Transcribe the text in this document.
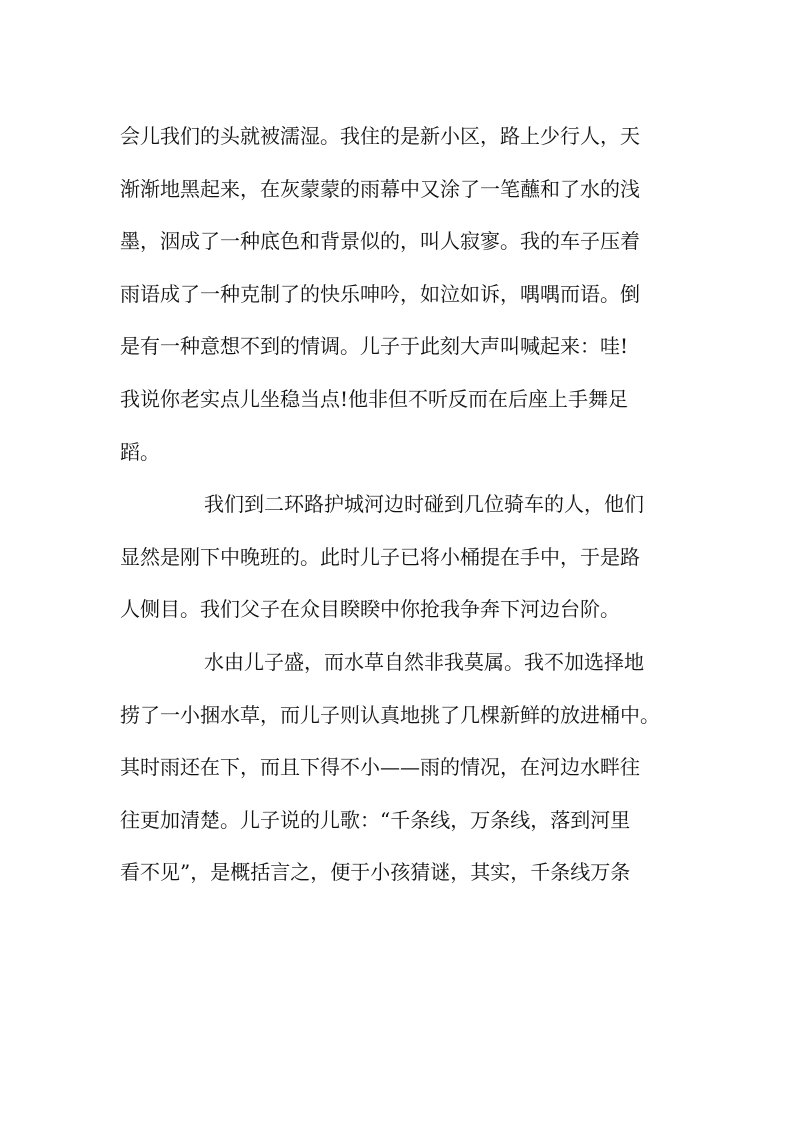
会儿我们的头就被濡湿。我住的是新小区，路上少行人，天
渐渐地黑起来，在灰蒙蒙的雨幕中又涂了一笔蘸和了水的浅
墨，洇成了一种底色和背景似的，叫人寂寥。我的车子压着
雨语成了一种克制了的快乐呻吟，如泣如诉，喁喁而语。倒
是有一种意想不到的情调。儿子于此刻大声叫喊起来：哇!
我说你老实点儿坐稳当点!他非但不听反而在后座上手舞足
蹈。
我们到二环路护城河边时碰到几位骑车的人，他们
显然是刚下中晚班的。此时儿子已将小桶提在手中，于是路
人侧目。我们父子在众目睽睽中你抢我争奔下河边台阶。
水由儿子盛，而水草自然非我莫属。我不加选择地
捞了一小捆水草，而儿子则认真地挑了几棵新鲜的放进桶中。
其时雨还在下，而且下得不小——雨的情况，在河边水畔往
往更加清楚。儿子说的儿歌：“千条线，万条线，落到河里
看不见”，是概括言之，便于小孩猜谜，其实，千条线万条
